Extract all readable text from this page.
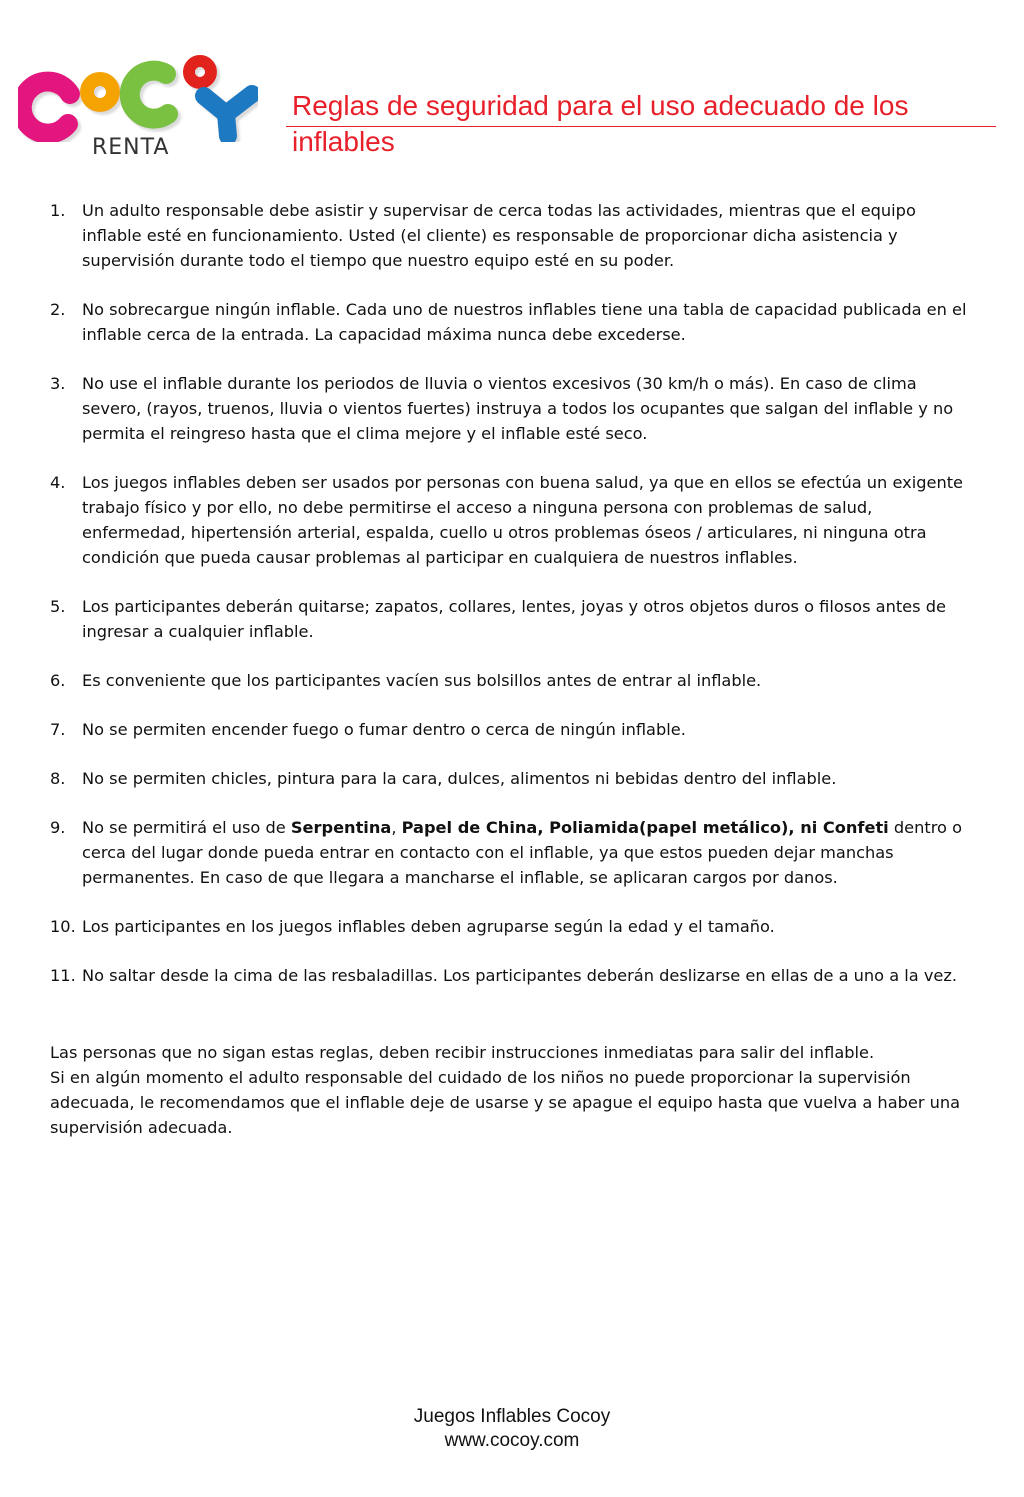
RENTA
Reglas de seguridad para el uso adecuado de los inflables
1.	Un adulto responsable debe asistir y supervisar de cerca todas las actividades, mientras que el equipo inflable esté en funcionamiento. Usted (el cliente) es responsable de proporcionar dicha asistencia y supervisión durante todo el tiempo que nuestro equipo esté en su poder.
2.	No sobrecargue ningún inflable. Cada uno de nuestros inflables tiene una tabla de capacidad publicada en el inflable cerca de la entrada. La capacidad máxima nunca debe excederse.
3.	No use el inflable durante los periodos de lluvia o vientos excesivos (30 km/h o más). En caso de clima severo, (rayos, truenos, lluvia o vientos fuertes) instruya a todos los ocupantes que salgan del inflable y no permita el reingreso hasta que el clima mejore y el inflable esté seco.
4.	Los juegos inflables deben ser usados por personas con buena salud, ya que en ellos se efectúa un exigente trabajo físico y por ello, no debe permitirse el acceso a ninguna persona con problemas de salud, enfermedad, hipertensión arterial, espalda, cuello u otros problemas óseos / articulares, ni ninguna otra condición que pueda causar problemas al participar en cualquiera de nuestros inflables.
5.	Los participantes deberán quitarse; zapatos, collares, lentes, joyas y otros objetos duros o filosos antes de ingresar a cualquier inflable.
6.	Es conveniente que los participantes vacíen sus bolsillos antes de entrar al inflable.
7.	No se permiten encender fuego o fumar dentro o cerca de ningún inflable.
8.	No se permiten chicles, pintura para la cara, dulces, alimentos ni bebidas dentro del inflable.
9.	No se permitirá el uso de Serpentina, Papel de China, Poliamida(papel metálico), ni Confeti dentro o cerca del lugar donde pueda entrar en contacto con el inflable, ya que estos pueden dejar manchas permanentes. En caso de que llegara a mancharse el inflable, se aplicaran cargos por danos.
10. Los participantes en los juegos inflables deben agruparse según la edad y el tamaño.
11. No saltar desde la cima de las resbaladillas. Los participantes deberán deslizarse en ellas de a uno a la vez.

Las personas que no sigan estas reglas, deben recibir instrucciones inmediatas para salir del inflable.

Si en algún momento el adulto responsable del cuidado de los niños no puede proporcionar la supervisión adecuada, le recomendamos que el inflable deje de usarse y se apague el equipo hasta que vuelva a haber una supervisión adecuada.

Juegos Inflables Cocoy
www.cocoy.com
